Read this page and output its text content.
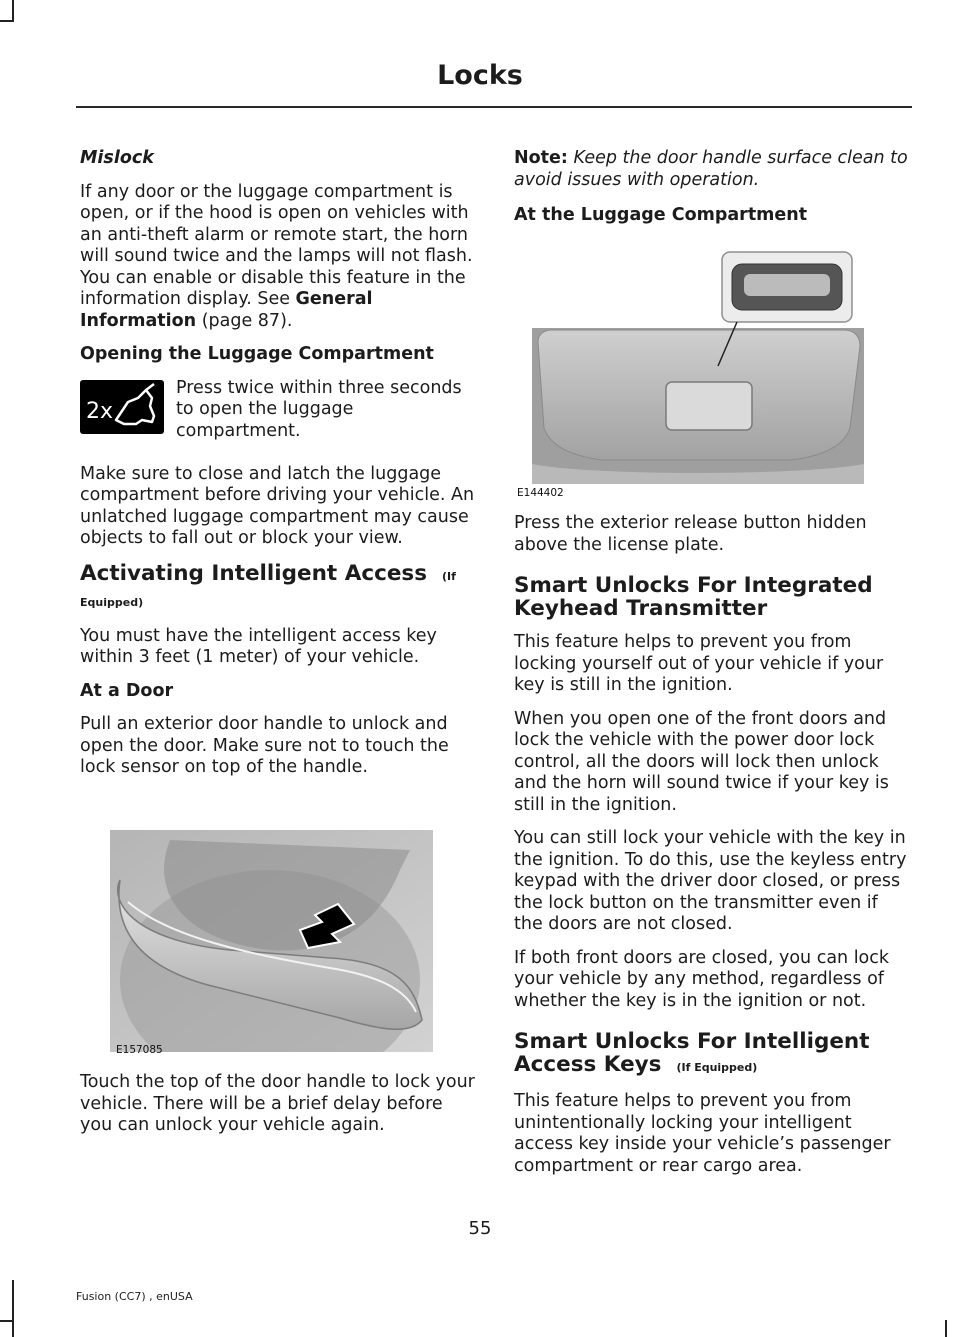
Locks

Mislock

If any door or the luggage compartment is open, or if the hood is open on vehicles with an anti-theft alarm or remote start, the horn will sound twice and the lamps will not flash. You can enable or disable this feature in the information display. See General Information (page 87).

Opening the Luggage Compartment

2x
Press twice within three seconds to open the luggage compartment.

Make sure to close and latch the luggage compartment before driving your vehicle. An unlatched luggage compartment may cause objects to fall out or block your view.

Activating Intelligent Access (If Equipped)

You must have the intelligent access key within 3 feet (1 meter) of your vehicle.

At a Door

Pull an exterior door handle to unlock and open the door. Make sure not to touch the lock sensor on top of the handle.

E157085

Touch the top of the door handle to lock your vehicle. There will be a brief delay before you can unlock your vehicle again.

Note: Keep the door handle surface clean to avoid issues with operation.

At the Luggage Compartment

E144402

Press the exterior release button hidden above the license plate.

Smart Unlocks For Integrated Keyhead Transmitter

This feature helps to prevent you from locking yourself out of your vehicle if your key is still in the ignition.

When you open one of the front doors and lock the vehicle with the power door lock control, all the doors will lock then unlock and the horn will sound twice if your key is still in the ignition.

You can still lock your vehicle with the key in the ignition. To do this, use the keyless entry keypad with the driver door closed, or press the lock button on the transmitter even if the doors are not closed.

If both front doors are closed, you can lock your vehicle by any method, regardless of whether the key is in the ignition or not.

Smart Unlocks For Intelligent Access Keys (If Equipped)

This feature helps to prevent you from unintentionally locking your intelligent access key inside your vehicle’s passenger compartment or rear cargo area.

55
Fusion (CC7) , enUSA
